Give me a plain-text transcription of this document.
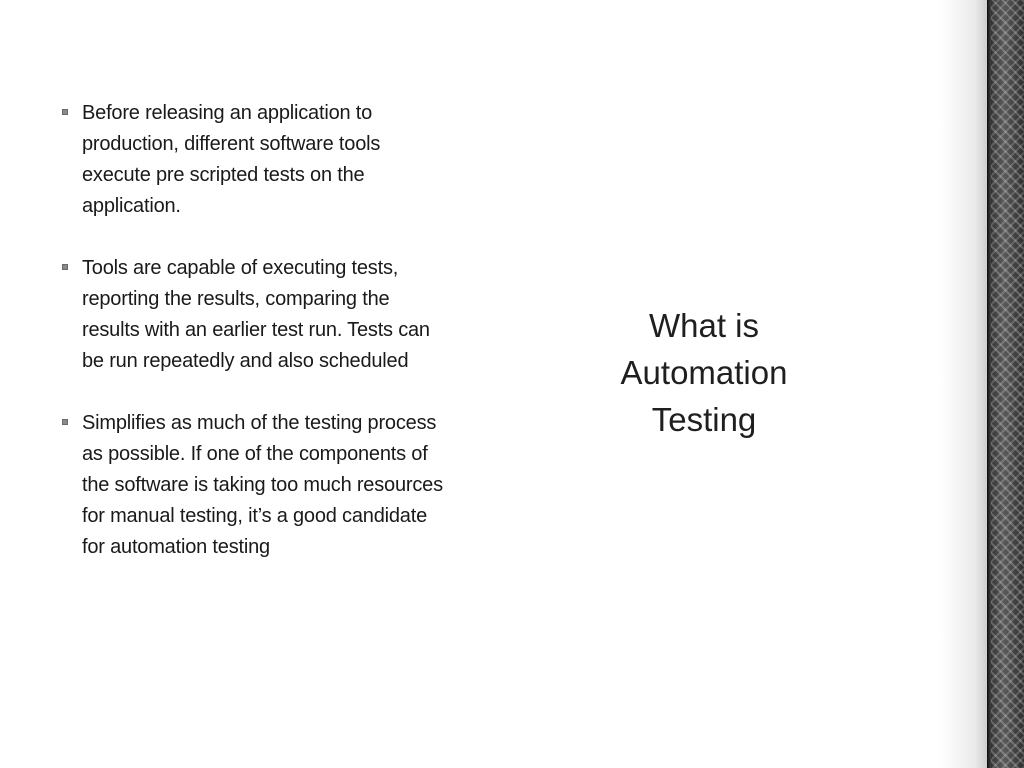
Before releasing an application to production, different software tools execute pre scripted tests on the application.
Tools are capable of executing tests, reporting the results, comparing the results with an earlier test run. Tests can be run repeatedly and also scheduled
Simplifies as much of the testing process as possible. If one of the components of the software is taking too much resources for manual testing, it’s a good candidate for automation testing
What is
Automation
Testing
